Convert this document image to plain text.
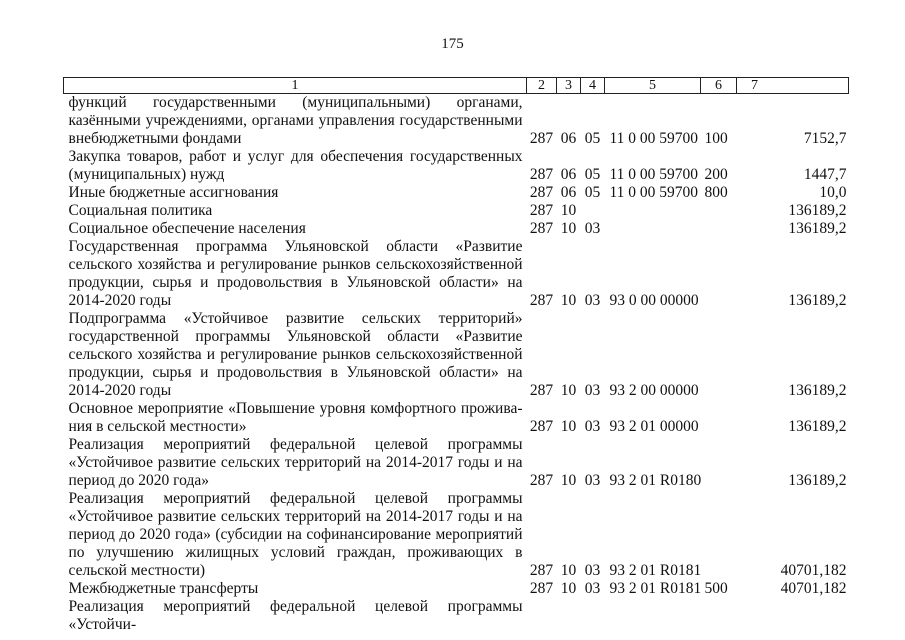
175
1	2	3	4	5	6	7
функций государственными (муниципальными) органами, казёнными учреждениями, органами управления государственными внебюджетными фондами	287	06	05	11 0 00 59700	100	7152,7
Закупка товаров, работ и услуг для обеспечения государственных (муниципальных) нужд	287	06	05	11 0 00 59700	200	1447,7
Иные бюджетные ассигнования	287	06	05	11 0 00 59700	800	10,0
Социальная политика	287	10				136189,2
Социальное обеспечение населения	287	10	03			136189,2
Государственная программа Ульяновской области «Развитие сельского хозяйства и регулирование рынков сельскохозяйственной продукции, сырья и продовольствия в Ульяновской области» на 2014-2020 годы	287	10	03	93 0 00 00000		136189,2
Подпрограмма «Устойчивое развитие сельских территорий» государственной программы Ульяновской области «Развитие сельского хозяйства и регулирование рынков сельскохозяйственной продукции, сырья и продовольствия в Ульяновской области» на 2014-2020 годы	287	10	03	93 2 00 00000		136189,2
Основное мероприятие «Повышение уровня комфортного проживания в сельской местности»	287	10	03	93 2 01 00000		136189,2
Реализация мероприятий федеральной целевой программы «Устойчивое развитие сельских территорий на 2014-2017 годы и на период до 2020 года»	287	10	03	93 2 01 R0180		136189,2
Реализация мероприятий федеральной целевой программы «Устойчивое развитие сельских территорий на 2014-2017 годы и на период до 2020 года» (субсидии на софинансирование мероприятий по улучшению жилищных условий граждан, проживающих в сельской местности)	287	10	03	93 2 01 R0181		40701,182
Межбюджетные трансферты	287	10	03	93 2 01 R0181	500	40701,182
Реализация мероприятий федеральной целевой программы «Устойчи-						
